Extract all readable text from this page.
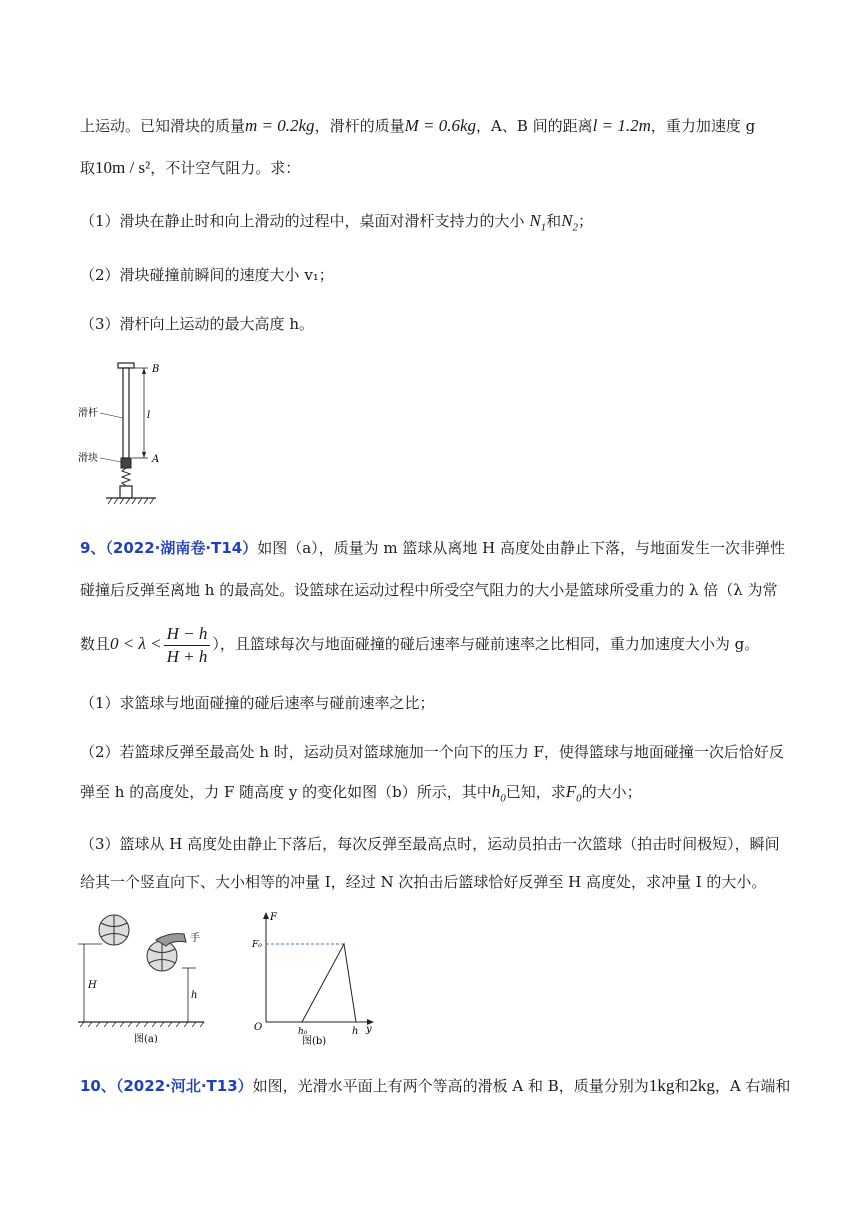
上运动。已知滑块的质量m = 0.2kg，滑杆的质量M = 0.6kg，A、B 间的距离l = 1.2m，重力加速度 g
取10m / s²，不计空气阻力。求：
（1）滑块在静止时和向上滑动的过程中，桌面对滑杆支持力的大小 $N_1$和$N_2$；
（2）滑块碰撞前瞬间的速度大小 v₁；
（3）滑杆向上运动的最大高度 h。
B
A
l
滑杆
滑块
9、（2022·湖南卷·T14）如图（a），质量为 m 篮球从离地 H 高度处由静止下落，与地面发生一次非弹性
碰撞后反弹至离地 h 的最高处。设篮球在运动过程中所受空气阻力的大小是篮球所受重力的 λ 倍（λ 为常
数且$0 < \lambda < \frac{H - h}{H + h}$ ），且篮球每次与地面碰撞的碰后速率与碰前速率之比相同，重力加速度大小为 g。
（1）求篮球与地面碰撞的碰后速率与碰前速率之比；
（2）若篮球反弹至最高处 h 时，运动员对篮球施加一个向下的压力 F，使得篮球与地面碰撞一次后恰好反
弹至 h 的高度处，力 F 随高度 y 的变化如图（b）所示，其中$h_0$已知，求$F_0$的大小；
（3）篮球从 H 高度处由静止下落后，每次反弹至最高点时，运动员拍击一次篮球（拍击时间极短），瞬间
给其一个竖直向下、大小相等的冲量 I，经过 N 次拍击后篮球恰好反弹至 H 高度处，求冲量 I 的大小。
手
H
h
图(a)
F
F₀
O	h₀	h y
图(b)
10、（2022·河北·T13）如图，光滑水平面上有两个等高的滑板 A 和 B，质量分别为1kg和2kg，A 右端和
